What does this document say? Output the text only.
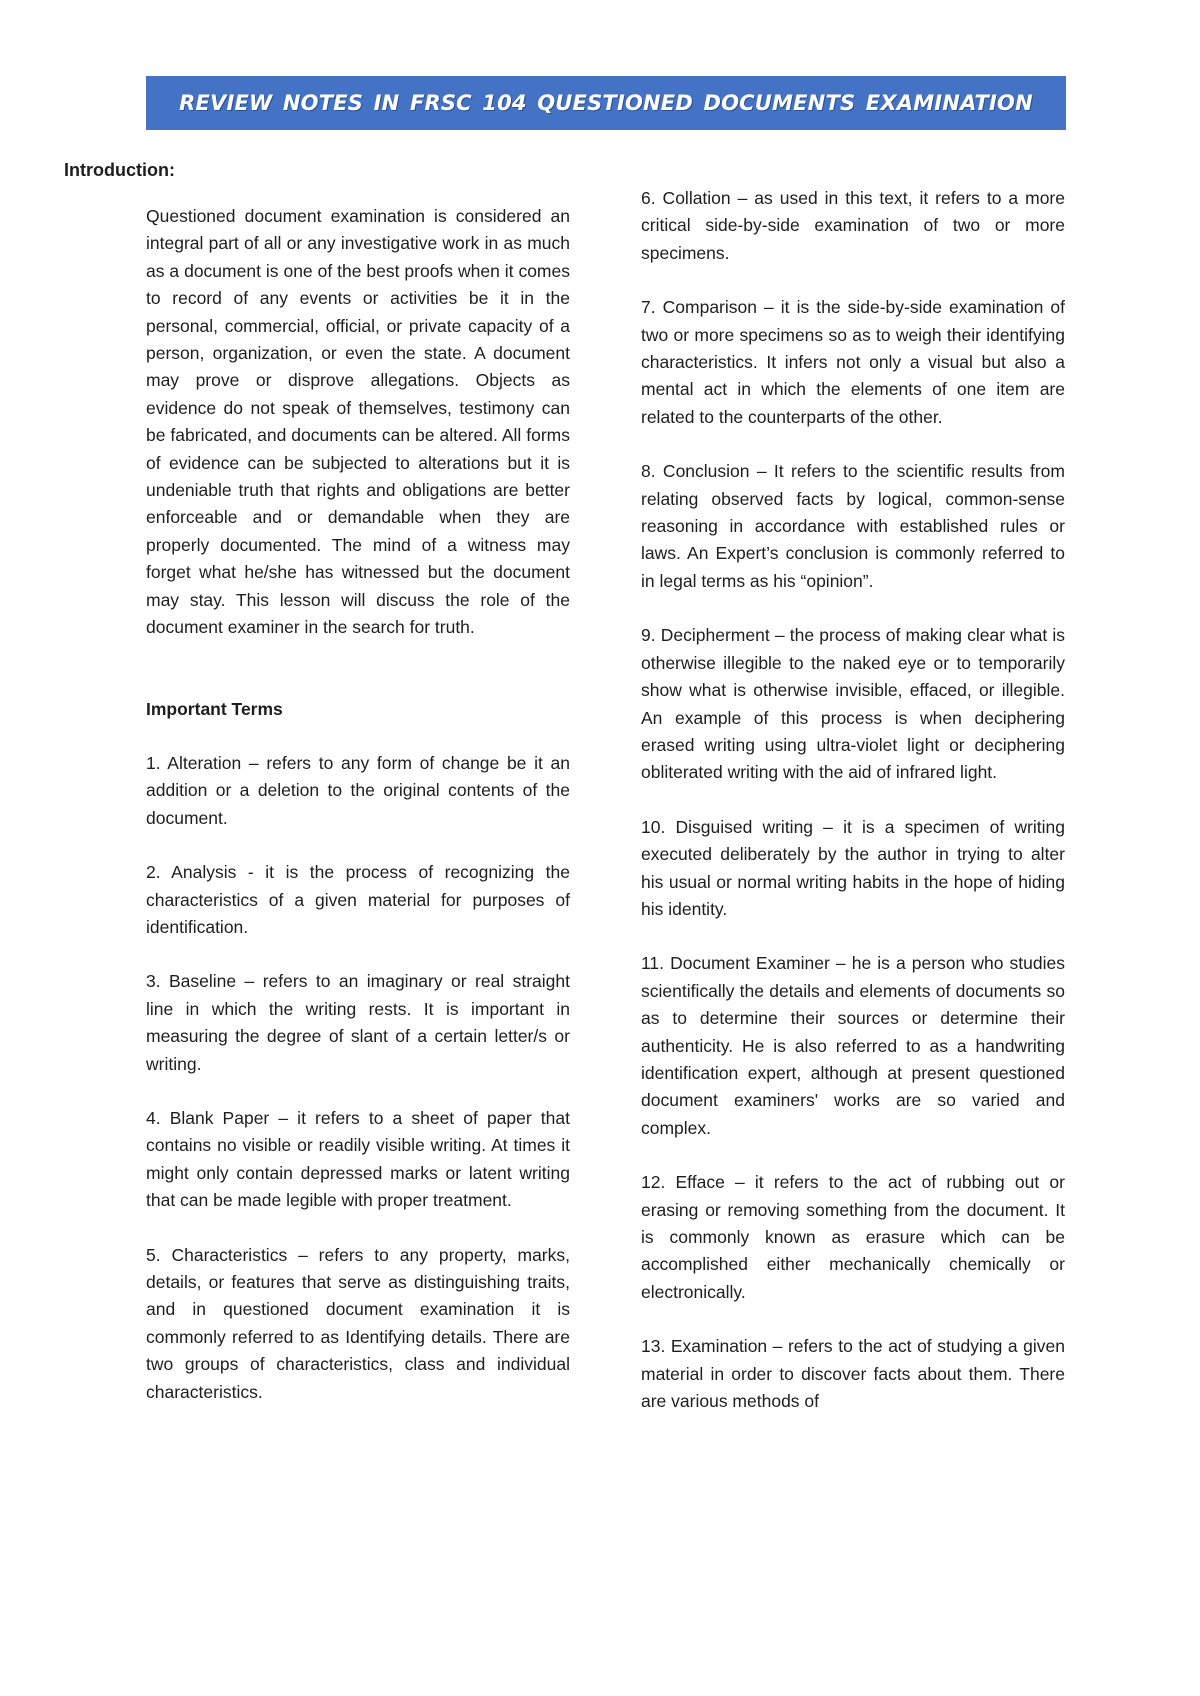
REVIEW NOTES IN FRSC 104 QUESTIONED DOCUMENTS EXAMINATION
Introduction:

Questioned document examination is considered an integral part of all or any investigative work in as much as a document is one of the best proofs when it comes to record of any events or activities be it in the personal, commercial, official, or private capacity of a person, organization, or even the state. A document may prove or disprove allegations. Objects as evidence do not speak of themselves, testimony can be fabricated, and documents can be altered. All forms of evidence can be subjected to alterations but it is undeniable truth that rights and obligations are better enforceable and or demandable when they are properly documented. The mind of a witness may forget what he/she has witnessed but the document may stay. This lesson will discuss the role of the document examiner in the search for truth.

Important Terms

1. Alteration – refers to any form of change be it an addition or a deletion to the original contents of the document.

2. Analysis - it is the process of recognizing the characteristics of a given material for purposes of identification.

3. Baseline – refers to an imaginary or real straight line in which the writing rests. It is important in measuring the degree of slant of a certain letter/s or writing.

4. Blank Paper – it refers to a sheet of paper that contains no visible or readily visible writing. At times it might only contain depressed marks or latent writing that can be made legible with proper treatment.

5. Characteristics – refers to any property, marks, details, or features that serve as distinguishing traits, and in questioned document examination it is commonly referred to as Identifying details. There are two groups of characteristics, class and individual characteristics.

6. Collation – as used in this text, it refers to a more critical side-by-side examination of two or more specimens.

7. Comparison – it is the side-by-side examination of two or more specimens so as to weigh their identifying characteristics. It infers not only a visual but also a mental act in which the elements of one item are related to the counterparts of the other.

8. Conclusion – It refers to the scientific results from relating observed facts by logical, common-sense reasoning in accordance with established rules or laws. An Expert’s conclusion is commonly referred to in legal terms as his “opinion”.

9. Decipherment – the process of making clear what is otherwise illegible to the naked eye or to temporarily show what is otherwise invisible, effaced, or illegible. An example of this process is when deciphering erased writing using ultra-violet light or deciphering obliterated writing with the aid of infrared light.

10. Disguised writing – it is a specimen of writing executed deliberately by the author in trying to alter his usual or normal writing habits in the hope of hiding his identity.

11. Document Examiner – he is a person who studies scientifically the details and elements of documents so as to determine their sources or determine their authenticity. He is also referred to as a handwriting identification expert, although at present questioned document examiners' works are so varied and complex.

12. Efface – it refers to the act of rubbing out or erasing or removing something from the document. It is commonly known as erasure which can be accomplished either mechanically chemically or electronically.

13. Examination – refers to the act of studying a given material in order to discover facts about them. There are various methods of
